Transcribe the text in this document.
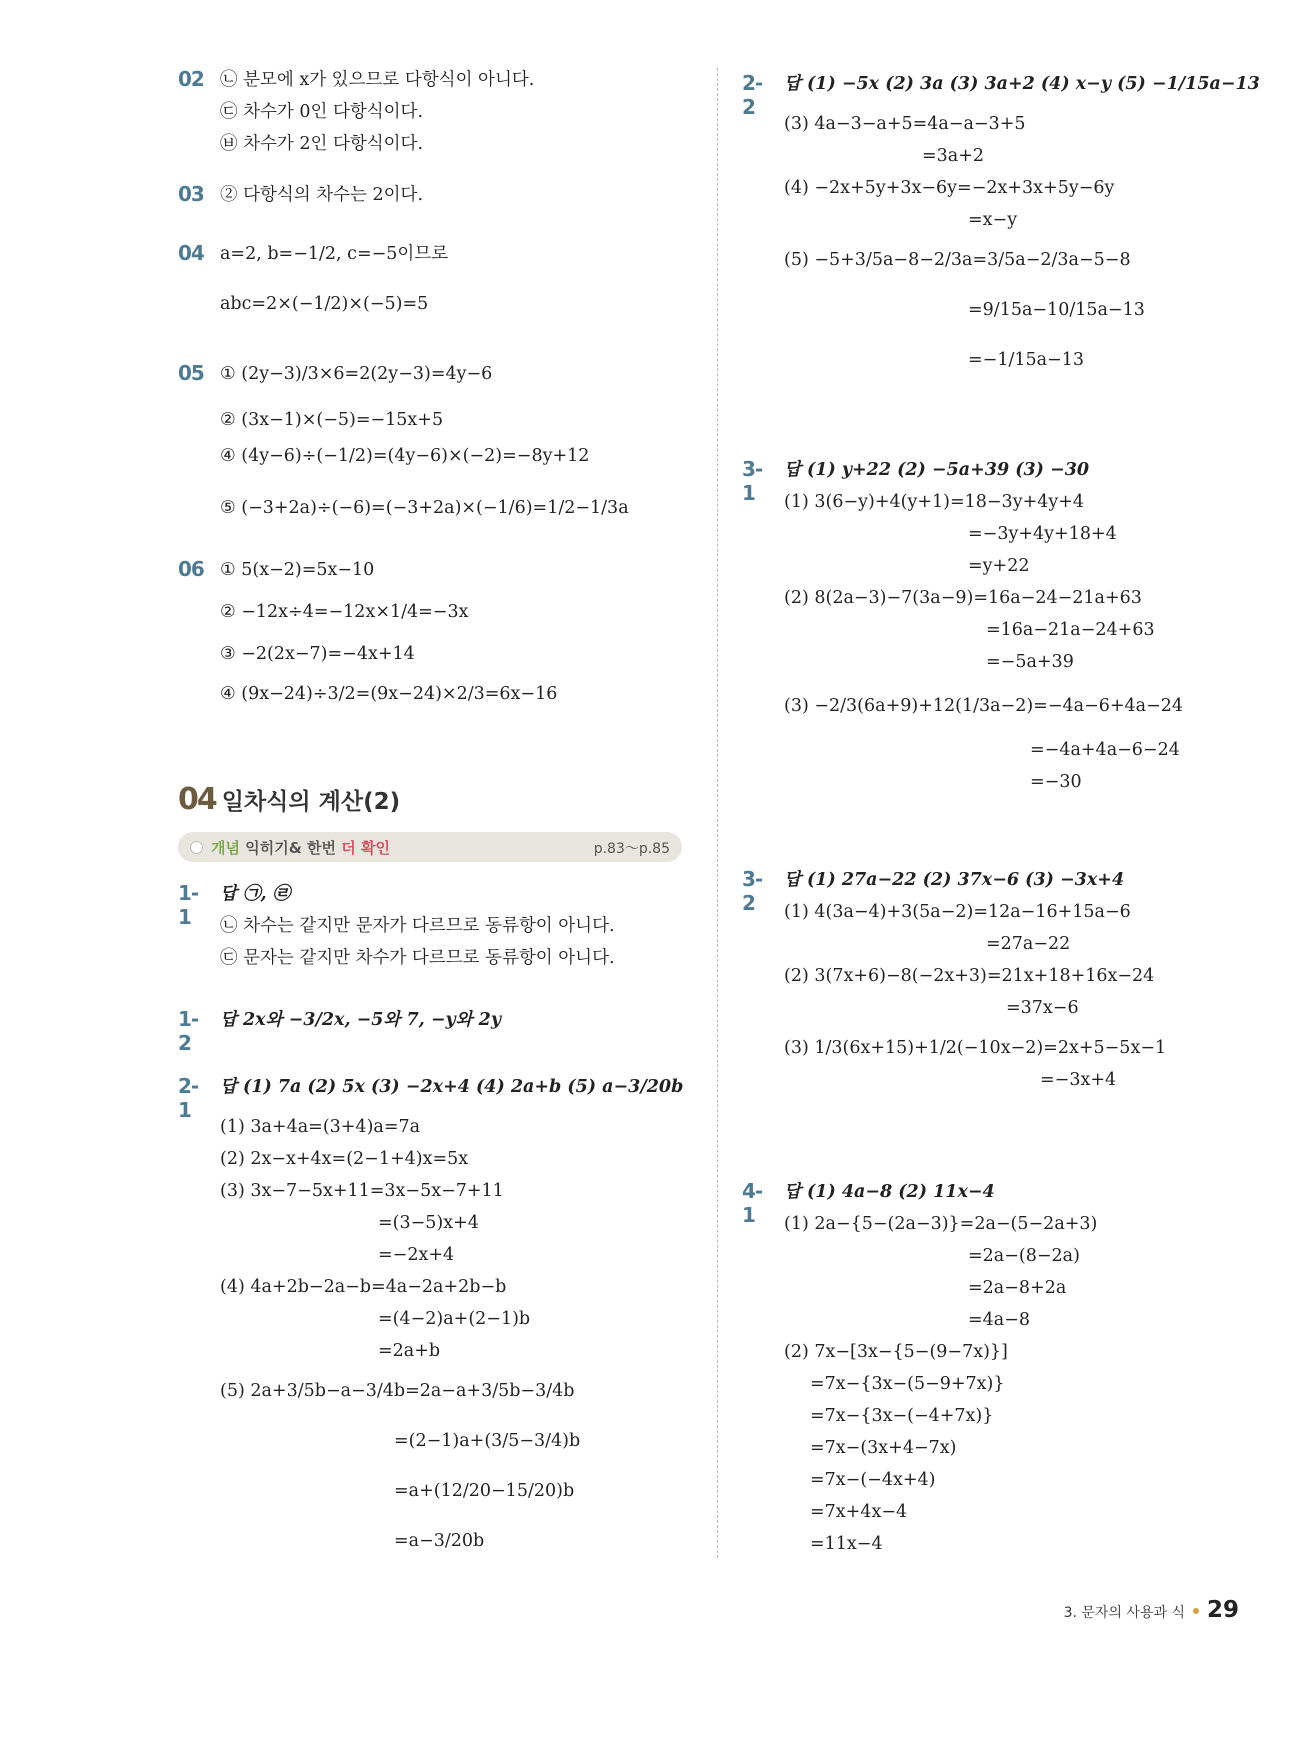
02 ㉡ 분모에 x가 있으므로 다항식이 아니다.
㉢ 차수가 0인 다항식이다.
㉥ 차수가 2인 다항식이다.
03 ② 다항식의 차수는 2이다.
04 a=2, b=−1/2, c=−5이므로
abc=2×(−1/2)×(−5)=5
05 ① (2y−3)/3×6=2(2y−3)=4y−6
② (3x−1)×(−5)=−15x+5
④ (4y−6)÷(−1/2)=(4y−6)×(−2)=−8y+12
⑤ (−3+2a)÷(−6)=(−3+2a)×(−1/6)=1/2−1/3a
06 ① 5(x−2)=5x−10
② −12x÷4=−12x×1/4=−3x
③ −2(2x−7)=−4x+14
④ (9x−24)÷3/2=(9x−24)×2/3=6x−16
1-1
답 ㉠, ㉣
㉡ 차수는 같지만 문자가 다르므로 동류항이 아니다.
㉢ 문자는 같지만 차수가 다르므로 동류항이 아니다.
1-2
답 2x와 −3/2x, −5와 7, −y와 2y
2-1
답 (1) 7a (2) 5x (3) −2x+4 (4) 2a+b (5) a−3/20b
(1) 3a+4a=(3+4)a=7a
(2) 2x−x+4x=(2−1+4)x=5x
(3) 3x−7−5x+11=3x−5x−7+11
=(3−5)x+4
=−2x+4
(4) 4a+2b−2a−b=4a−2a+2b−b
=(4−2)a+(2−1)b
=2a+b
(5) 2a+3/5b−a−3/4b=2a−a+3/5b−3/4b
=(2−1)a+(3/5−3/4)b
=a+(12/20−15/20)b
=a−3/20b
04 일차식의 계산(2)
개념 익히기& 한번 더 확인	p.83～p.85
2-2
답 (1) −5x (2) 3a (3) 3a+2 (4) x−y (5) −1/15a−13
(3) 4a−3−a+5=4a−a−3+5
=3a+2
(4) −2x+5y+3x−6y=−2x+3x+5y−6y
=x−y
(5) −5+3/5a−8−2/3a=3/5a−2/3a−5−8
=9/15a−10/15a−13
=−1/15a−13
3-1
답 (1) y+22 (2) −5a+39 (3) −30
(1) 3(6−y)+4(y+1)=18−3y+4y+4
=−3y+4y+18+4
=y+22
(2) 8(2a−3)−7(3a−9)=16a−24−21a+63
=16a−21a−24+63
=−5a+39
(3) −2/3(6a+9)+12(1/3a−2)=−4a−6+4a−24
=−4a+4a−6−24
=−30
3-2
답 (1) 27a−22 (2) 37x−6 (3) −3x+4
(1) 4(3a−4)+3(5a−2)=12a−16+15a−6
=27a−22
(2) 3(7x+6)−8(−2x+3)=21x+18+16x−24
=37x−6
(3) 1/3(6x+15)+1/2(−10x−2)=2x+5−5x−1
=−3x+4
4-1
답 (1) 4a−8 (2) 11x−4
(1) 2a−{5−(2a−3)}=2a−(5−2a+3)
=2a−(8−2a)
=2a−8+2a
=4a−8
(2) 7x−[3x−{5−(9−7x)}]
=7x−{3x−(5−9+7x)}
=7x−{3x−(−4+7x)}
=7x−(3x+4−7x)
=7x−(−4x+4)
=7x+4x−4
=11x−4
3. 문자의 사용과 식 29
